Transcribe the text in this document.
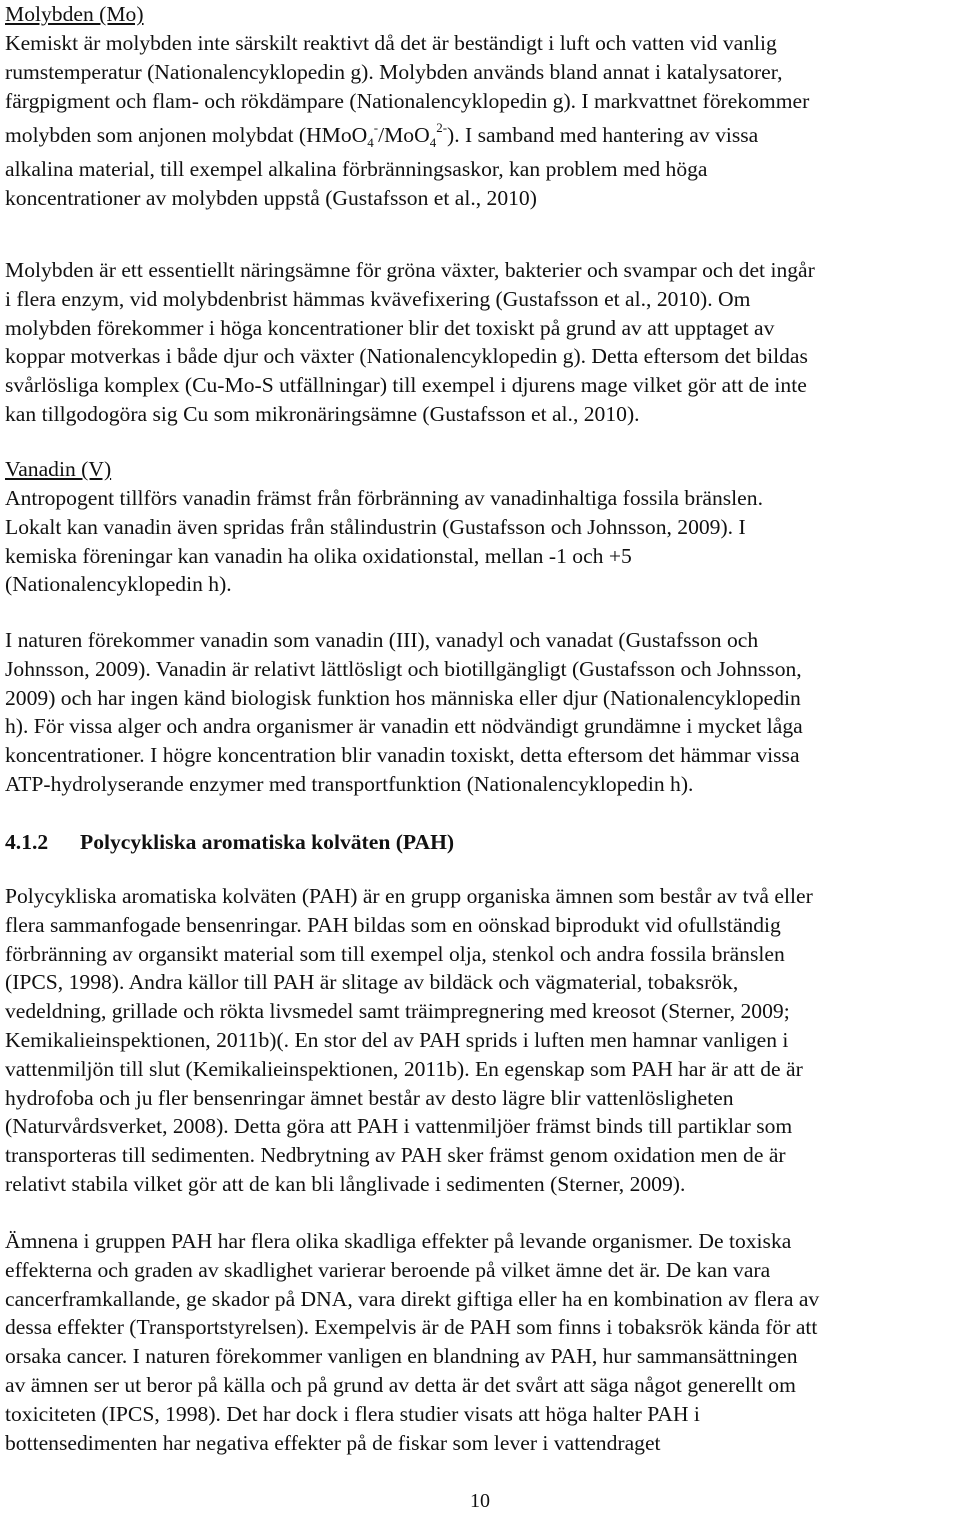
Molybden (Mo)
Kemiskt är molybden inte särskilt reaktivt då det är beständigt i luft och vatten vid vanlig
rumstemperatur (Nationalencyklopedin g). Molybden används bland annat i katalysatorer,
färgpigment och flam- och rökdämpare (Nationalencyklopedin g). I markvattnet förekommer
molybden som anjonen molybdat (HMoO$_4$-/MoO$_4^{2-}$). I samband med hantering av vissa
alkalina material, till exempel alkalina förbränningsaskor, kan problem med höga
koncentrationer av molybden uppstå (Gustafsson et al., 2010)
Molybden är ett essentiellt näringsämne för gröna växter, bakterier och svampar och det ingår
i flera enzym, vid molybdenbrist hämmas kvävefixering (Gustafsson et al., 2010). Om
molybden förekommer i höga koncentrationer blir det toxiskt på grund av att upptaget av
koppar motverkas i både djur och växter (Nationalencyklopedin g). Detta eftersom det bildas
svårlösliga komplex (Cu-Mo-S utfällningar) till exempel i djurens mage vilket gör att de inte
kan tillgodogöra sig Cu som mikronäringsämne (Gustafsson et al., 2010).
Vanadin (V)
Antropogent tillförs vanadin främst från förbränning av vanadinhaltiga fossila bränslen.
Lokalt kan vanadin även spridas från stålindustrin (Gustafsson och Johnsson, 2009). I
kemiska föreningar kan vanadin ha olika oxidationstal, mellan -1 och +5
(Nationalencyklopedin h).
I naturen förekommer vanadin som vanadin (III), vanadyl och vanadat (Gustafsson och
Johnsson, 2009). Vanadin är relativt lättlösligt och biotillgängligt (Gustafsson och Johnsson,
2009) och har ingen känd biologisk funktion hos människa eller djur (Nationalencyklopedin
h). För vissa alger och andra organismer är vanadin ett nödvändigt grundämne i mycket låga
koncentrationer. I högre koncentration blir vanadin toxiskt, detta eftersom det hämmar vissa
ATP-hydrolyserande enzymer med transportfunktion (Nationalencyklopedin h).
4.1.2 Polycykliska aromatiska kolväten (PAH)
Polycykliska aromatiska kolväten (PAH) är en grupp organiska ämnen som består av två eller
flera sammanfogade bensenringar. PAH bildas som en oönskad biprodukt vid ofullständig
förbränning av organsikt material som till exempel olja, stenkol och andra fossila bränslen
(IPCS, 1998). Andra källor till PAH är slitage av bildäck och vägmaterial, tobaksrök,
vedeldning, grillade och rökta livsmedel samt träimpregnering med kreosot (Sterner, 2009;
Kemikalieinspektionen, 2011b)(. En stor del av PAH sprids i luften men hamnar vanligen i
vattenmiljön till slut (Kemikalieinspektionen, 2011b). En egenskap som PAH har är att de är
hydrofoba och ju fler bensenringar ämnet består av desto lägre blir vattenlösligheten
(Naturvårdsverket, 2008). Detta göra att PAH i vattenmiljöer främst binds till partiklar som
transporteras till sedimenten. Nedbrytning av PAH sker främst genom oxidation men de är
relativt stabila vilket gör att de kan bli långlivade i sedimenten (Sterner, 2009).
Ämnena i gruppen PAH har flera olika skadliga effekter på levande organismer. De toxiska
effekterna och graden av skadlighet varierar beroende på vilket ämne det är. De kan vara
cancerframkallande, ge skador på DNA, vara direkt giftiga eller ha en kombination av flera av
dessa effekter (Transportstyrelsen). Exempelvis är de PAH som finns i tobaksrök kända för att
orsaka cancer. I naturen förekommer vanligen en blandning av PAH, hur sammansättningen
av ämnen ser ut beror på källa och på grund av detta är det svårt att säga något generellt om
toxiciteten (IPCS, 1998). Det har dock i flera studier visats att höga halter PAH i
bottensedimenten har negativa effekter på de fiskar som lever i vattendraget
10
